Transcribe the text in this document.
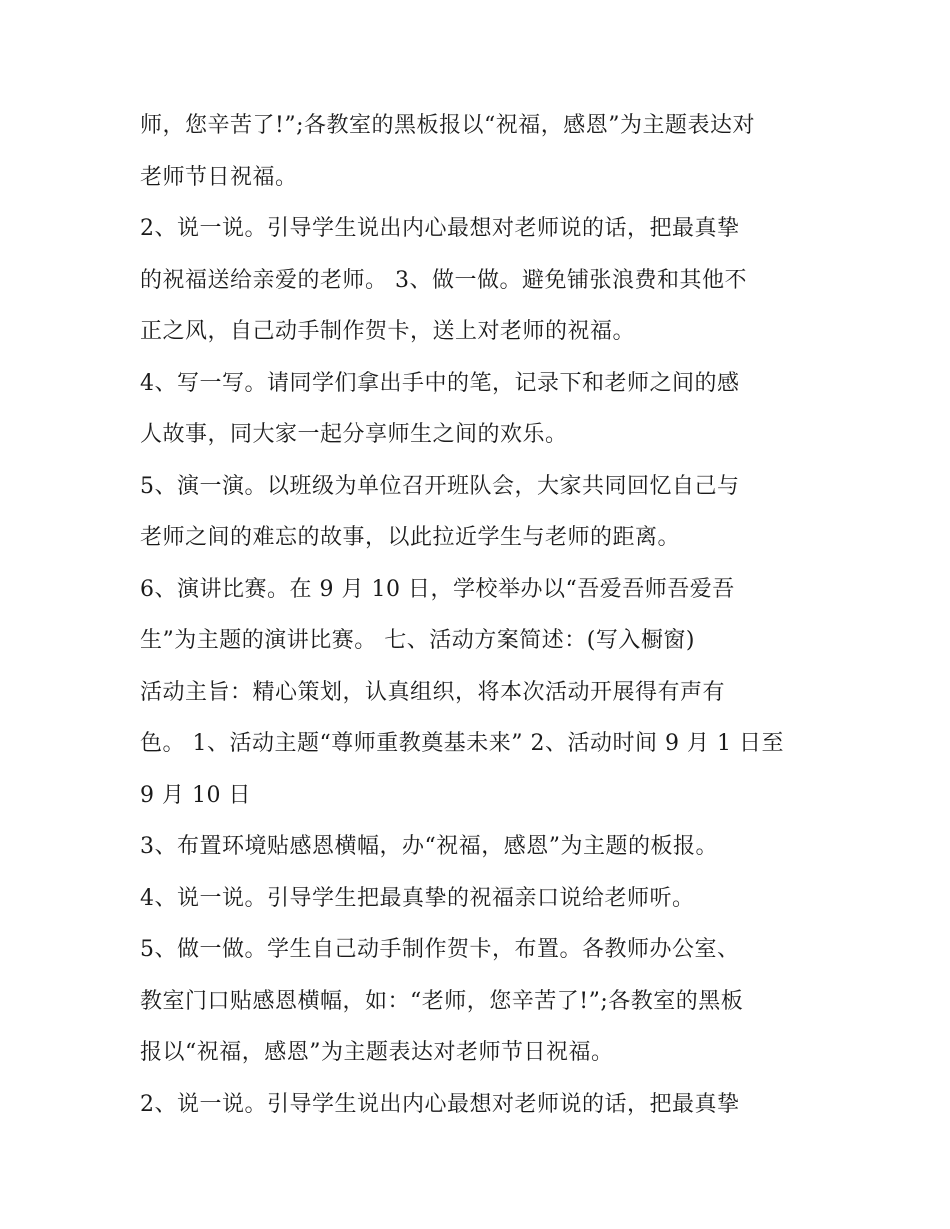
师，您辛苦了!”;各教室的黑板报以“祝福，感恩”为主题表达对
老师节日祝福。
2、说一说。引导学生说出内心最想对老师说的话，把最真挚
的祝福送给亲爱的老师。 3、做一做。避免铺张浪费和其他不
正之风，自己动手制作贺卡，送上对老师的祝福。
4、写一写。请同学们拿出手中的笔，记录下和老师之间的感
人故事，同大家一起分享师生之间的欢乐。
5、演一演。以班级为单位召开班队会，大家共同回忆自己与
老师之间的难忘的故事，以此拉近学生与老师的距离。
6、演讲比赛。在 9 月 10 日，学校举办以“吾爱吾师吾爱吾
生”为主题的演讲比赛。 七、活动方案简述：(写入橱窗)
活动主旨：精心策划，认真组织，将本次活动开展得有声有
色。 1、活动主题“尊师重教奠基未来” 2、活动时间 9 月 1 日至
9 月 10 日
3、布置环境贴感恩横幅，办“祝福，感恩”为主题的板报。
4、说一说。引导学生把最真挚的祝福亲口说给老师听。
5、做一做。学生自己动手制作贺卡，布置。各教师办公室、
教室门口贴感恩横幅，如：“老师，您辛苦了!”;各教室的黑板
报以“祝福，感恩”为主题表达对老师节日祝福。
2、说一说。引导学生说出内心最想对老师说的话，把最真挚
